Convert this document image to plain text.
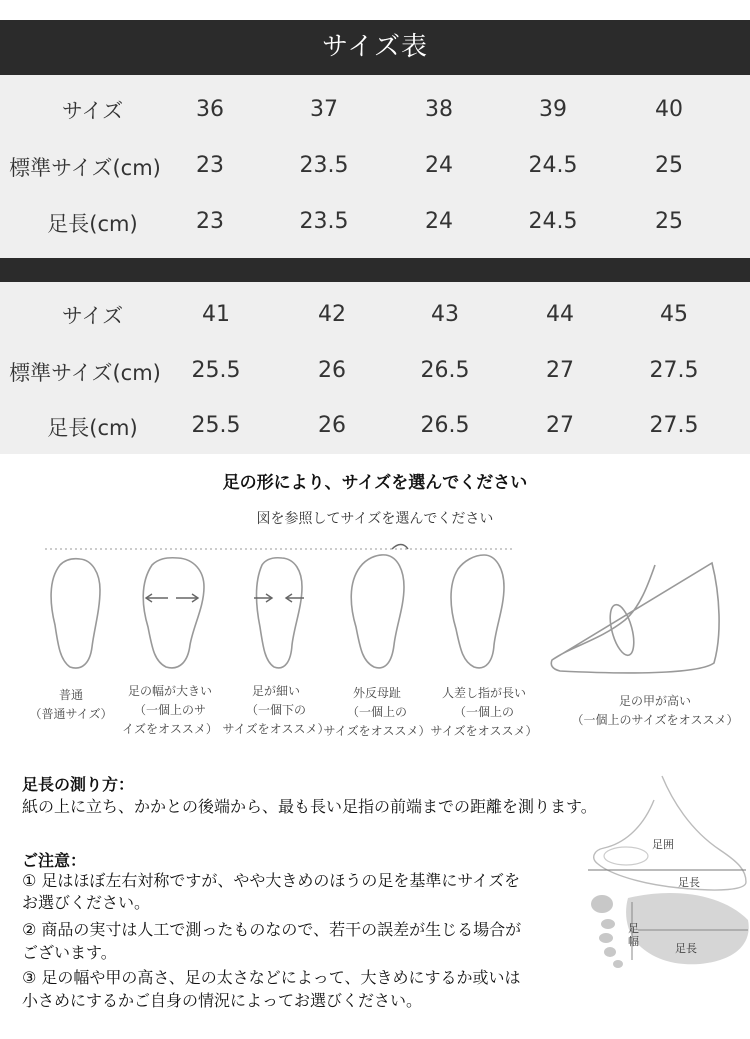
サイズ表
サイズ	36	37	38	39	40
標準サイズ(cm)	23	23.5	24	24.5	25
足長(cm)	23	23.5	24	24.5	25
サイズ	41	42	43	44	45
標準サイズ(cm)	25.5	26	26.5	27	27.5
足長(cm)	25.5	26	26.5	27	27.5
足の形により、サイズを選んでください
図を参照してサイズを選んでください
普通
（普通サイズ）
足の幅が大きい
（一個上のサ
イズをオススメ）
足が細い
（一個下の
サイズをオススメ）
外反母趾
（一個上の
サイズをオススメ）
人差し指が長い
（一個上の
サイズをオススメ）
足の甲が高い
（一個上のサイズをオススメ）
足長の測り方：
紙の上に立ち、かかとの後端から、最も長い足指の前端までの距離を測ります。
ご注意：
① 足はほぼ左右対称ですが、やや大きめのほうの足を基準にサイズを
お選びください。
② 商品の実寸は人工で測ったものなので、若干の誤差が生じる場合が
ございます。
③ 足の幅や甲の高さ、足の太さなどによって、大きめにするか或いは
小さめにするかご自身の情況によってお選びください。
足囲
足長
足
幅
足長
